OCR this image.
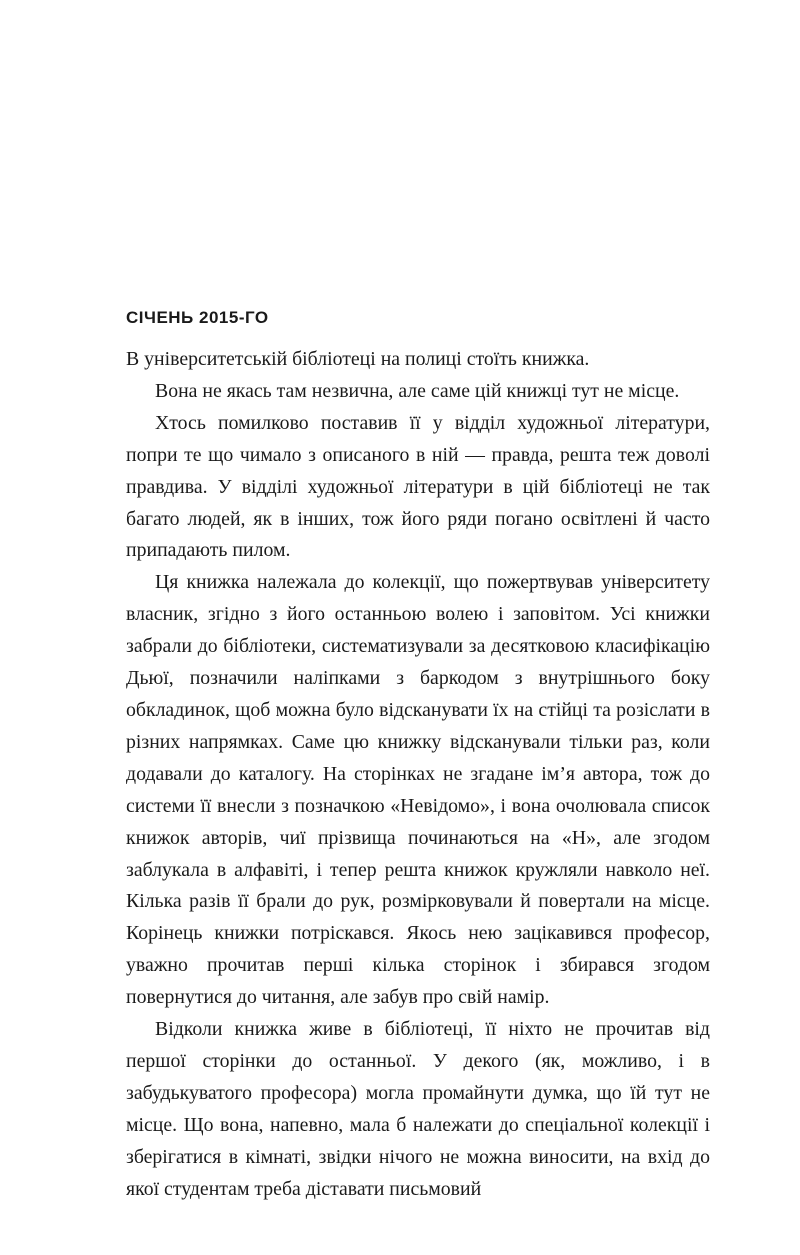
СІЧЕНЬ 2015-ГО

В університетській бібліотеці на полиці стоїть книжка.

Вона не якась там незвична, але саме цій книжці тут не місце.

Хтось помилково поставив її у відділ художньої літератури, попри те що чимало з описаного в ній — правда, решта теж доволі правдива. У відділі художньої літератури в цій бібліотеці не так багато людей, як в інших, тож його ряди погано освітлені й часто припадають пилом.

Ця книжка належала до колекції, що пожертвував університету власник, згідно з його останньою волею і заповітом. Усі книжки забрали до бібліотеки, систематизували за десятковою класифікацію Дьюї, позначили наліпками з баркодом з внутрішнього боку обкладинок, щоб можна було відсканувати їх на стійці та розіслати в різних напрямках. Саме цю книжку відсканували тільки раз, коли додавали до каталогу. На сторінках не згадане ім’я автора, тож до системи її внесли з позначкою «Невідомо», і вона очолювала список книжок авторів, чиї прізвища починаються на «Н», але згодом заблукала в алфавіті, і тепер решта книжок кружляли навколо неї. Кілька разів її брали до рук, розмірковували й повертали на місце. Корінець книжки потріскався. Якось нею зацікавився професор, уважно прочитав перші кілька сторінок і збирався згодом повернутися до читання, але забув про свій намір.

Відколи книжка живе в бібліотеці, її ніхто не прочитав від першої сторінки до останньої. У декого (як, можливо, і в забудькуватого професора) могла промайнути думка, що їй тут не місце. Що вона, напевно, мала б належати до спеціальної колекції і зберігатися в кімнаті, звідки нічого не можна виносити, на вхід до якої студентам треба діставати письмовий
